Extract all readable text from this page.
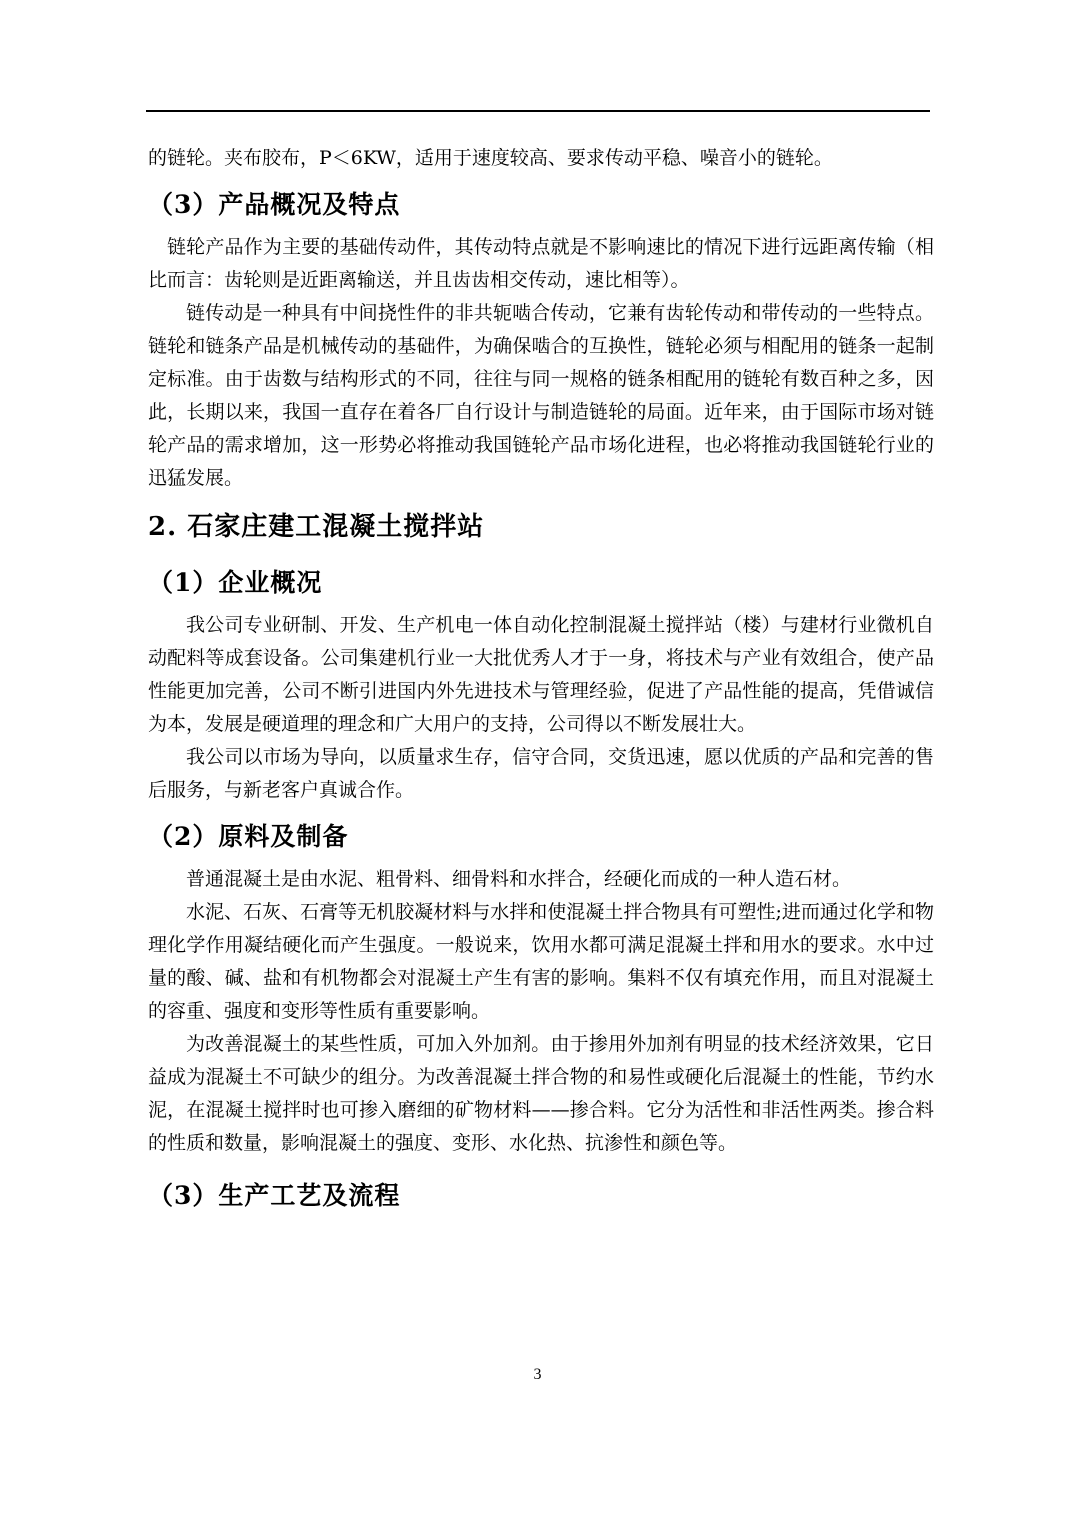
的链轮。夹布胶布，P＜6KW，适用于速度较高、要求传动平稳、噪音小的链轮。

（3）产品概况及特点

链轮产品作为主要的基础传动件，其传动特点就是不影响速比的情况下进行远距离传输（相比而言：齿轮则是近距离输送，并且齿齿相交传动，速比相等）。

链传动是一种具有中间挠性件的非共轭啮合传动，它兼有齿轮传动和带传动的一些特点。链轮和链条产品是机械传动的基础件，为确保啮合的互换性，链轮必须与相配用的链条一起制定标准。由于齿数与结构形式的不同，往往与同一规格的链条相配用的链轮有数百种之多，因此，长期以来，我国一直存在着各厂自行设计与制造链轮的局面。近年来，由于国际市场对链轮产品的需求增加，这一形势必将推动我国链轮产品市场化进程，也必将推动我国链轮行业的迅猛发展。

2. 石家庄建工混凝土搅拌站
（1）企业概况

我公司专业研制、开发、生产机电一体自动化控制混凝土搅拌站（楼）与建材行业微机自动配料等成套设备。公司集建机行业一大批优秀人才于一身，将技术与产业有效组合，使产品性能更加完善，公司不断引进国内外先进技术与管理经验，促进了产品性能的提高，凭借诚信为本，发展是硬道理的理念和广大用户的支持，公司得以不断发展壮大。

我公司以市场为导向，以质量求生存，信守合同，交货迅速，愿以优质的产品和完善的售后服务，与新老客户真诚合作。

（2）原料及制备

普通混凝土是由水泥、粗骨料、细骨料和水拌合，经硬化而成的一种人造石材。

水泥、石灰、石膏等无机胶凝材料与水拌和使混凝土拌合物具有可塑性;进而通过化学和物理化学作用凝结硬化而产生强度。一般说来，饮用水都可满足混凝土拌和用水的要求。水中过量的酸、碱、盐和有机物都会对混凝土产生有害的影响。集料不仅有填充作用，而且对混凝土的容重、强度和变形等性质有重要影响。

为改善混凝土的某些性质，可加入外加剂。由于掺用外加剂有明显的技术经济效果，它日益成为混凝土不可缺少的组分。为改善混凝土拌合物的和易性或硬化后混凝土的性能，节约水泥，在混凝土搅拌时也可掺入磨细的矿物材料——掺合料。它分为活性和非活性两类。掺合料的性质和数量，影响混凝土的强度、变形、水化热、抗渗性和颜色等。

（3）生产工艺及流程
3
